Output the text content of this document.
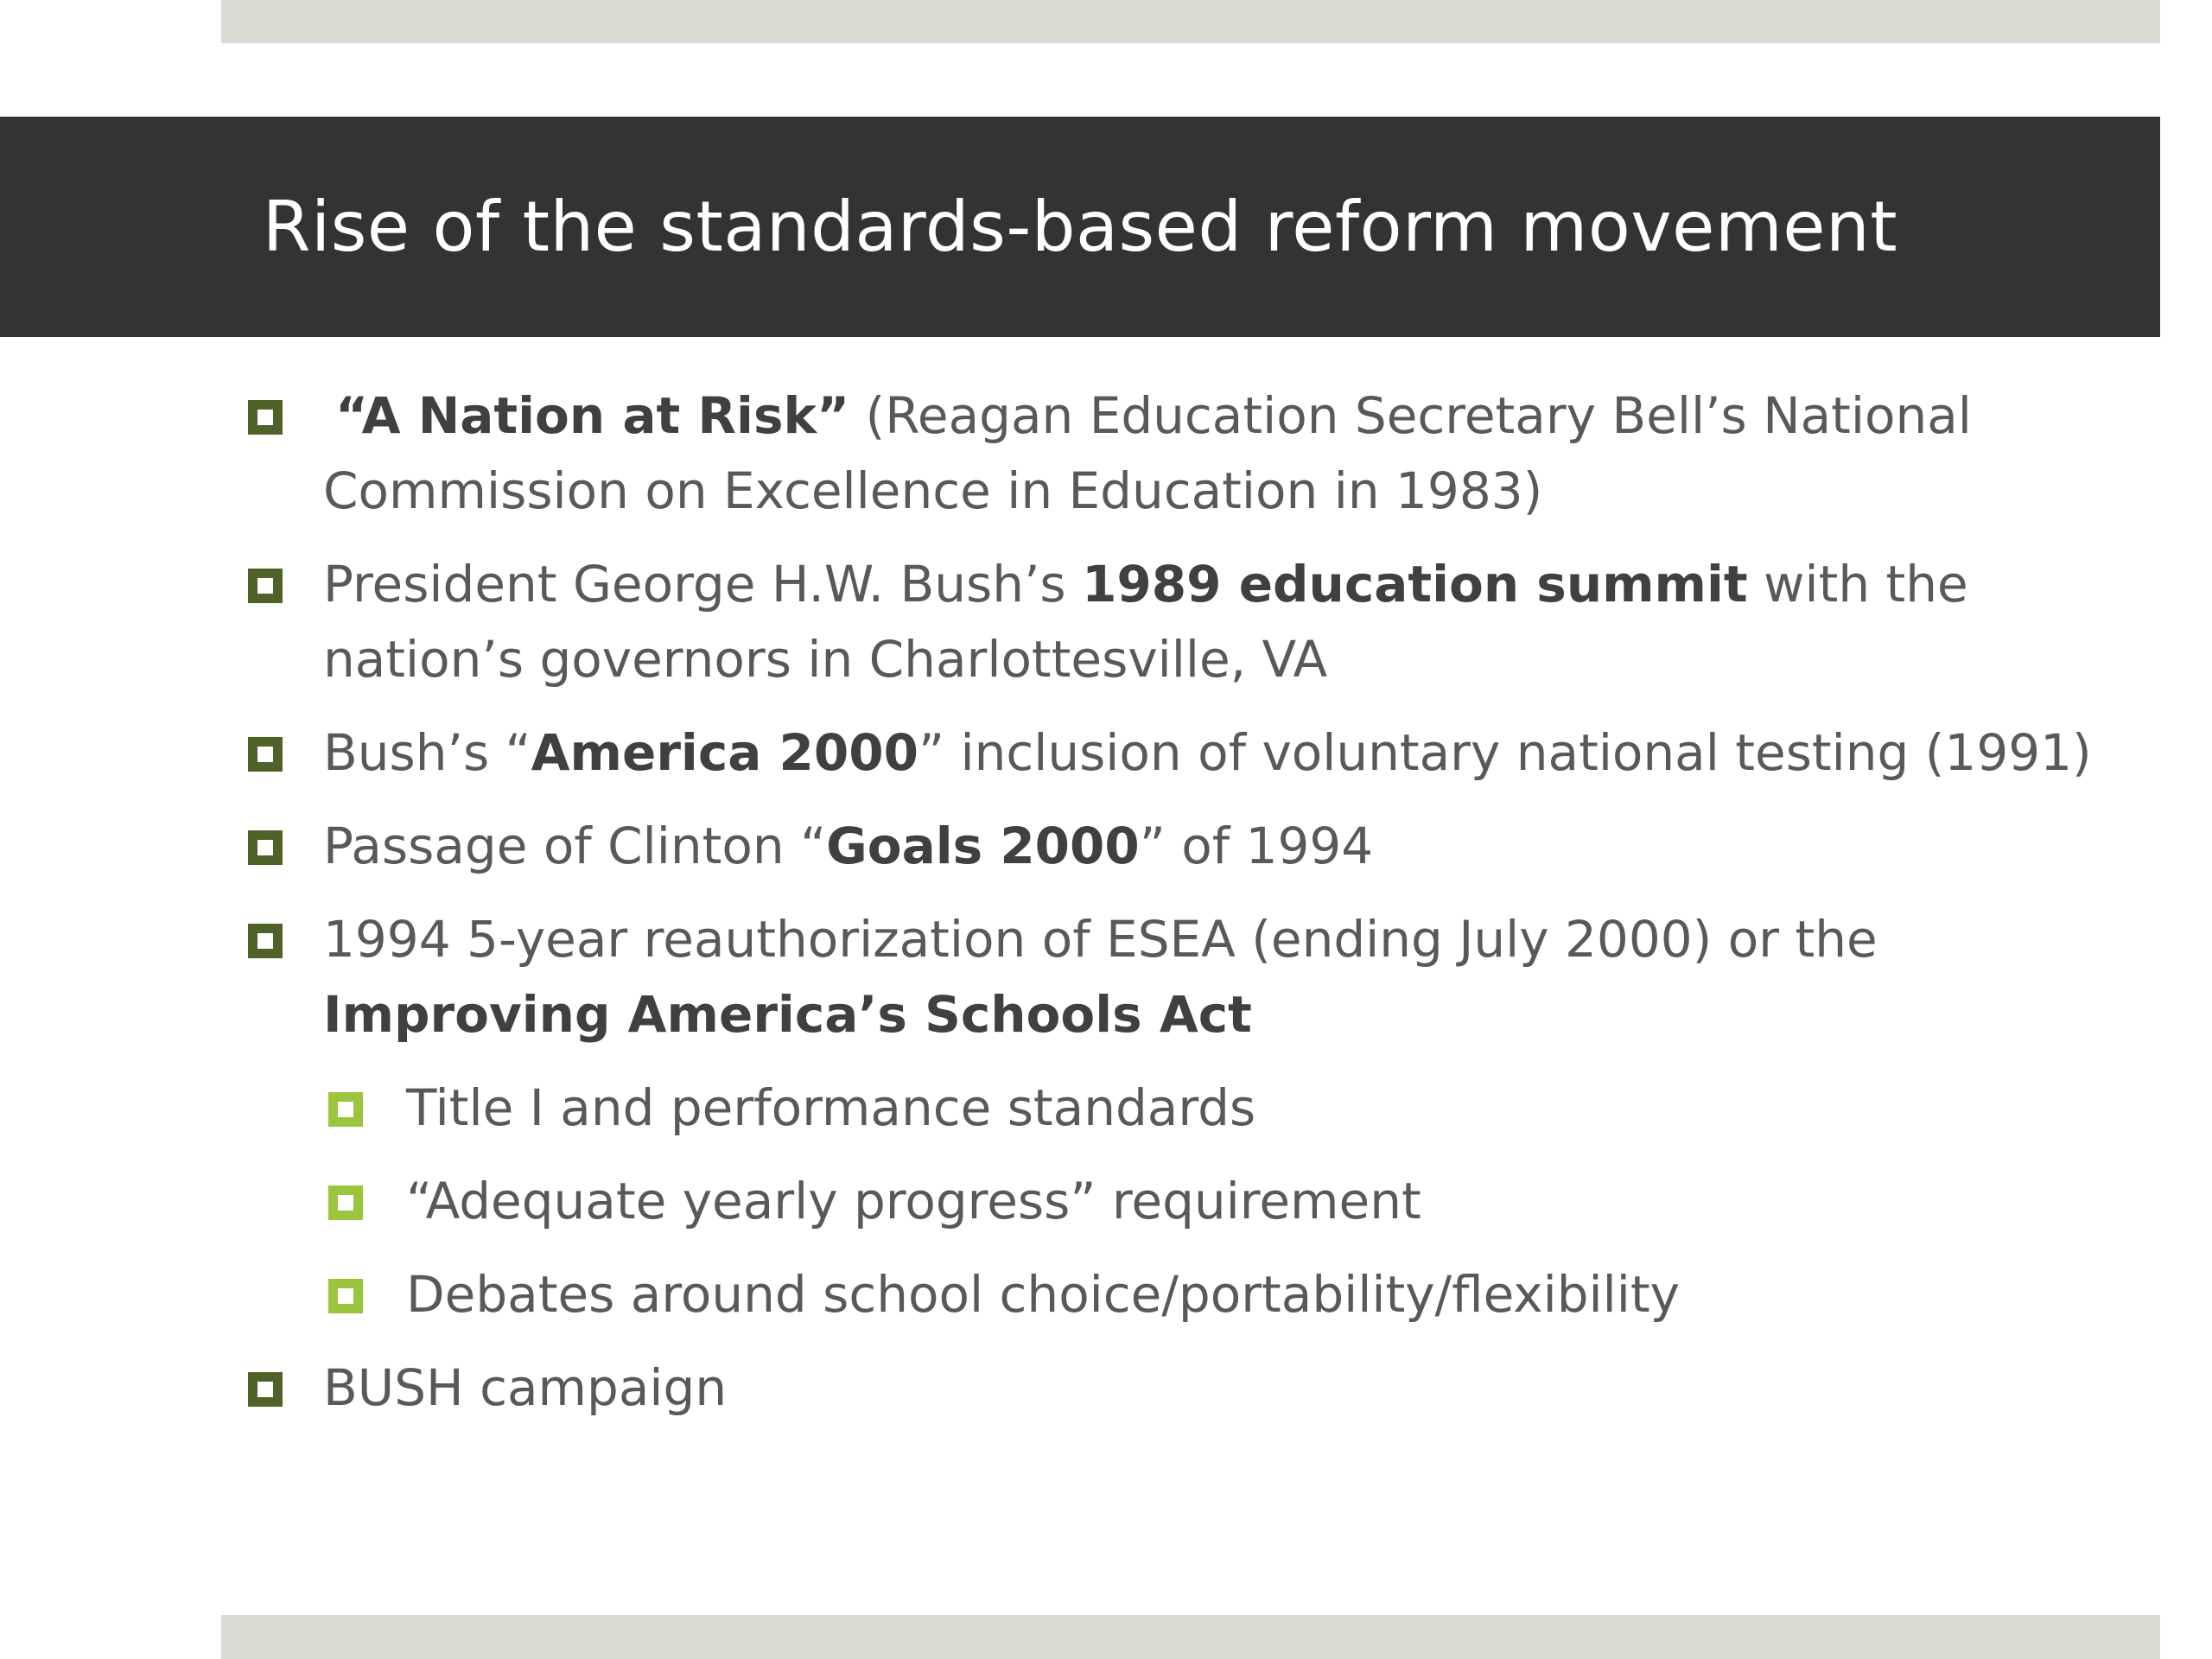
Rise of the standards-based reform movement
“A Nation at Risk” (Reagan Education Secretary Bell’s National
Commission on Excellence in Education in 1983)
President George H.W. Bush’s 1989 education summit with the
nation’s governors in Charlottesville, VA
Bush’s “America 2000” inclusion of voluntary national testing (1991)
Passage of Clinton “Goals 2000” of 1994
1994 5-year reauthorization of ESEA (ending July 2000) or the
Improving America’s Schools Act
Title I and performance standards
“Adequate yearly progress” requirement
Debates around school choice/portability/flexibility
BUSH campaign
